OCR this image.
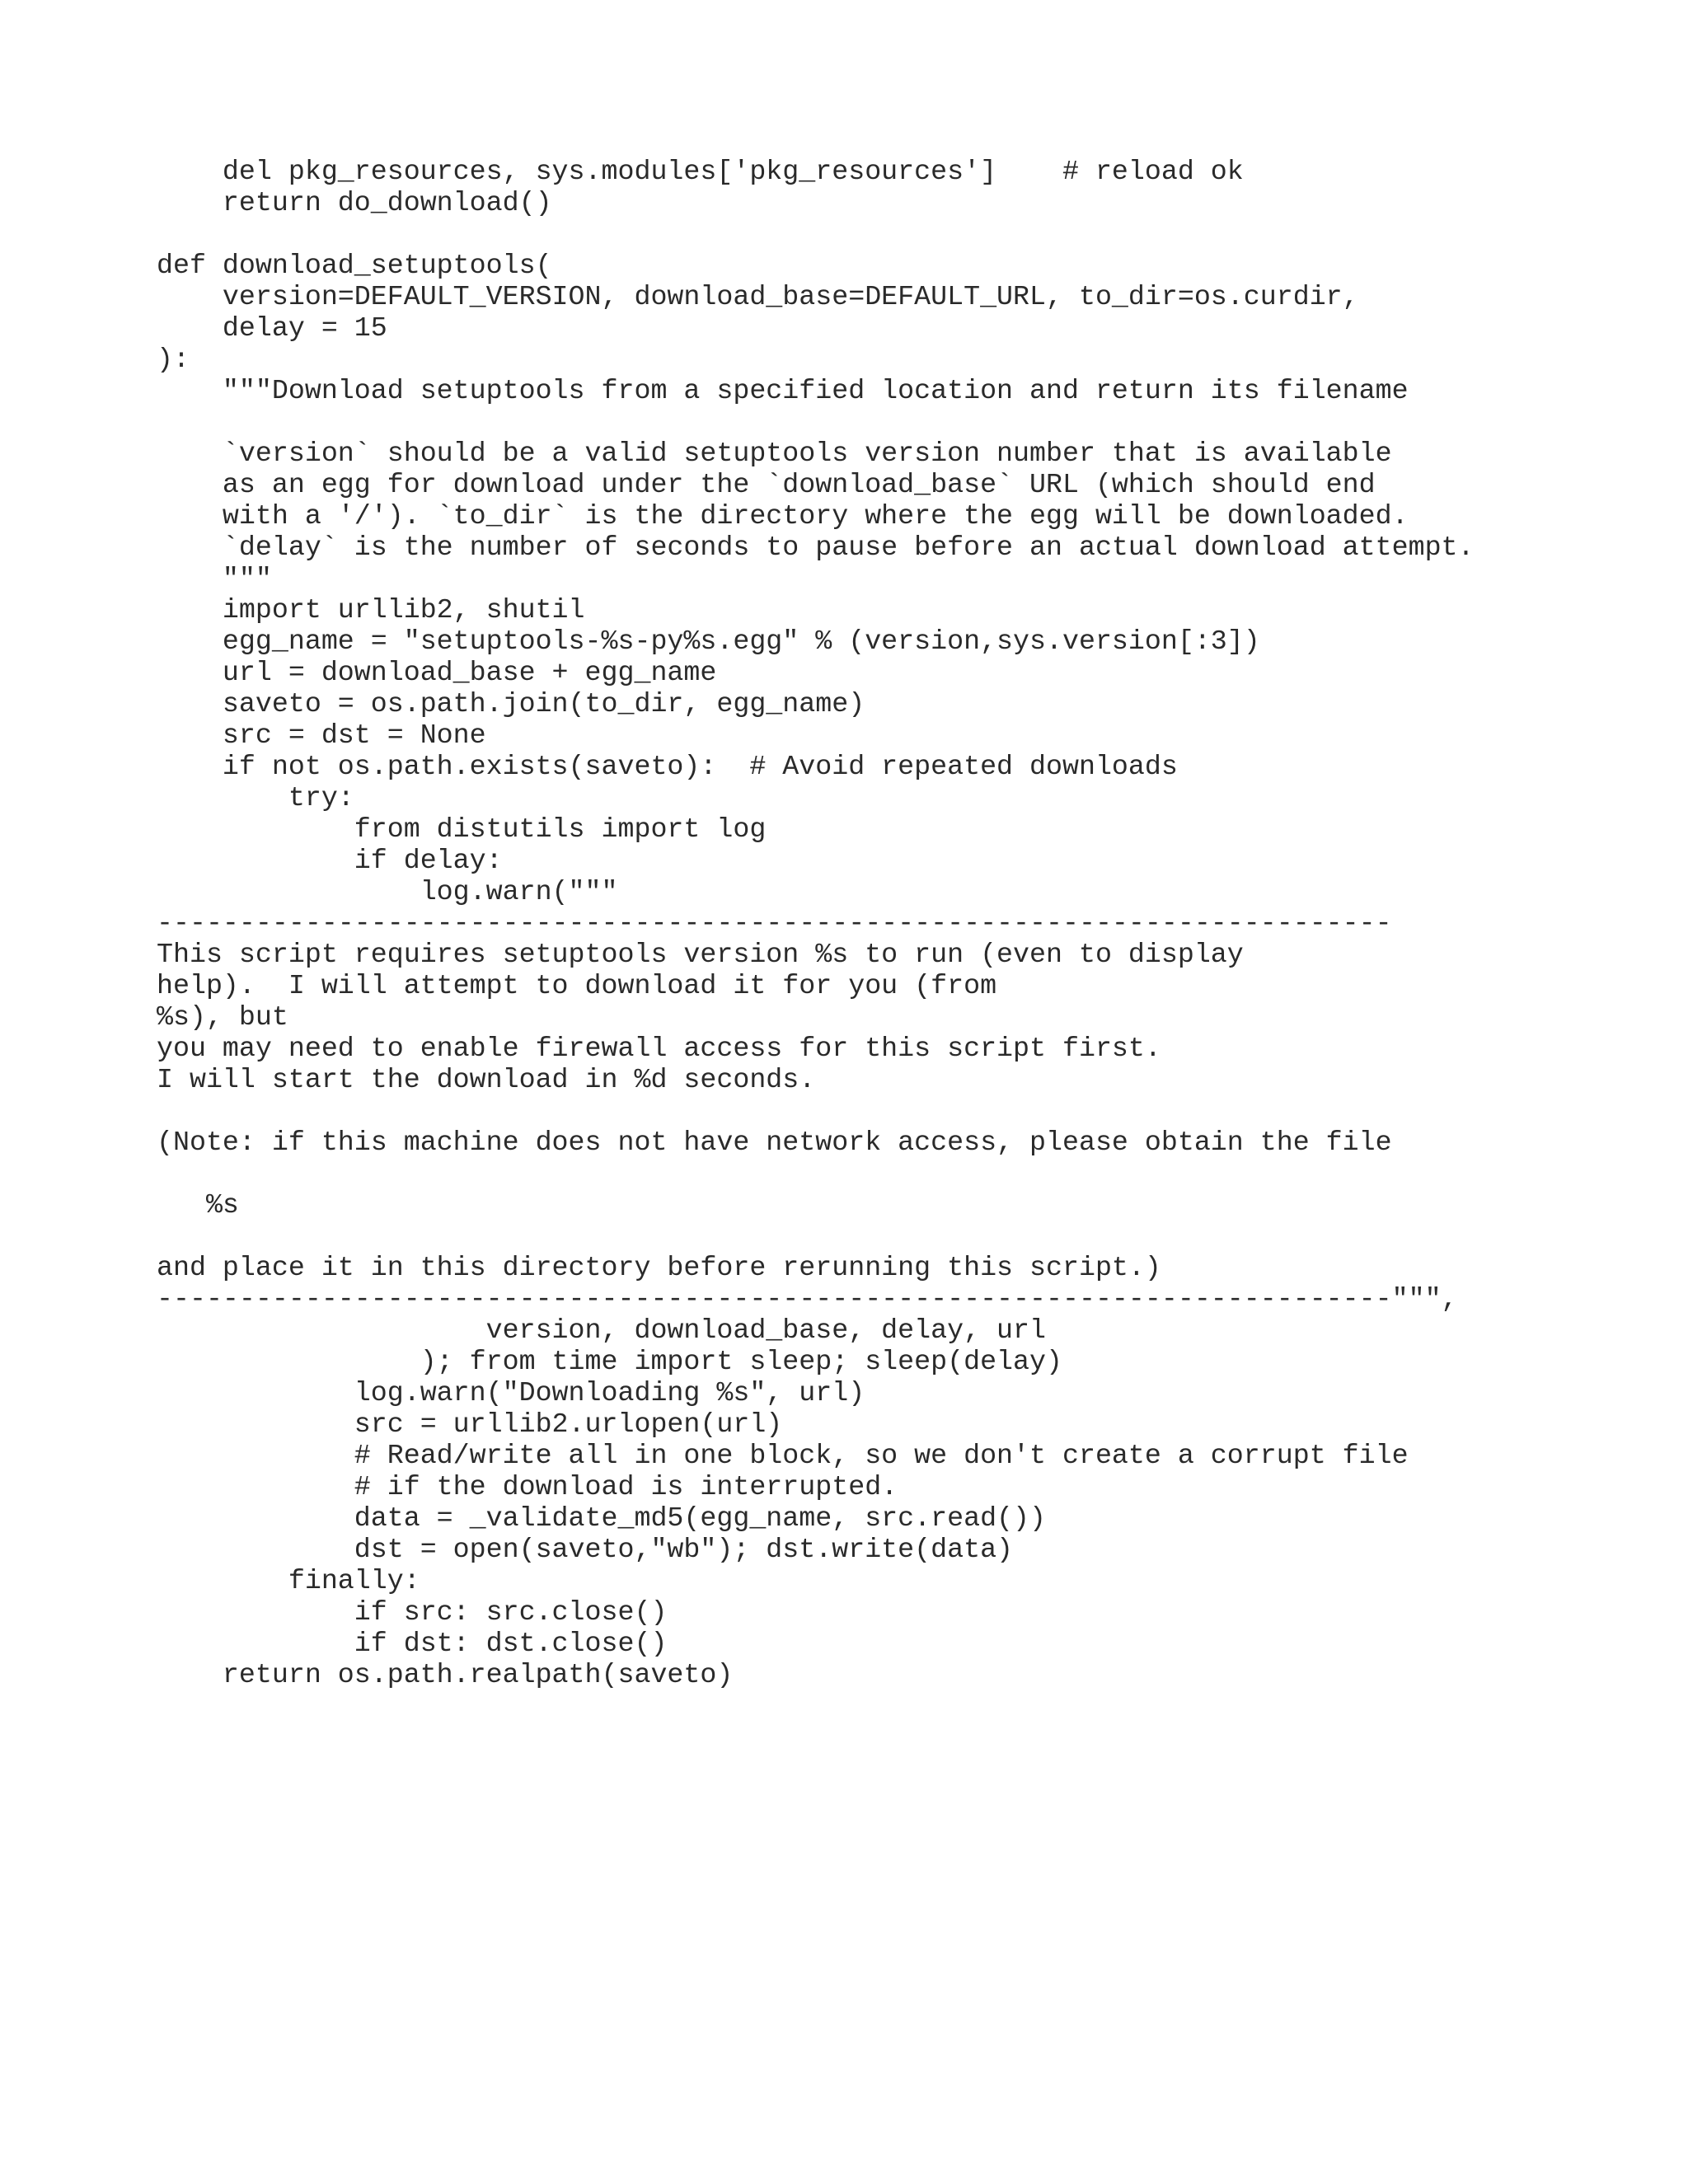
del pkg_resources, sys.modules['pkg_resources']    # reload ok
return do_download()
def download_setuptools(
version=DEFAULT_VERSION, download_base=DEFAULT_URL, to_dir=os.curdir,
delay = 15
):
"""Download setuptools from a specified location and return its filename
`version` should be a valid setuptools version number that is available
as an egg for download under the `download_base` URL (which should end
with a '/'). `to_dir` is the directory where the egg will be downloaded.
`delay` is the number of seconds to pause before an actual download attempt.
"""
import urllib2, shutil
egg_name = "setuptools-%s-py%s.egg" % (version,sys.version[:3])
url = download_base + egg_name
saveto = os.path.join(to_dir, egg_name)
src = dst = None
if not os.path.exists(saveto):  # Avoid repeated downloads
try:
from distutils import log
if delay:
log.warn("""
---------------------------------------------------------------------------
This script requires setuptools version %s to run (even to display
help).  I will attempt to download it for you (from
%s), but
you may need to enable firewall access for this script first.
I will start the download in %d seconds.
(Note: if this machine does not have network access, please obtain the file
%s
and place it in this directory before rerunning this script.)
---------------------------------------------------------------------------""",
version, download_base, delay, url
); from time import sleep; sleep(delay)
log.warn("Downloading %s", url)
src = urllib2.urlopen(url)
# Read/write all in one block, so we don't create a corrupt file
# if the download is interrupted.
data = _validate_md5(egg_name, src.read())
dst = open(saveto,"wb"); dst.write(data)
finally:
if src: src.close()
if dst: dst.close()
return os.path.realpath(saveto)
